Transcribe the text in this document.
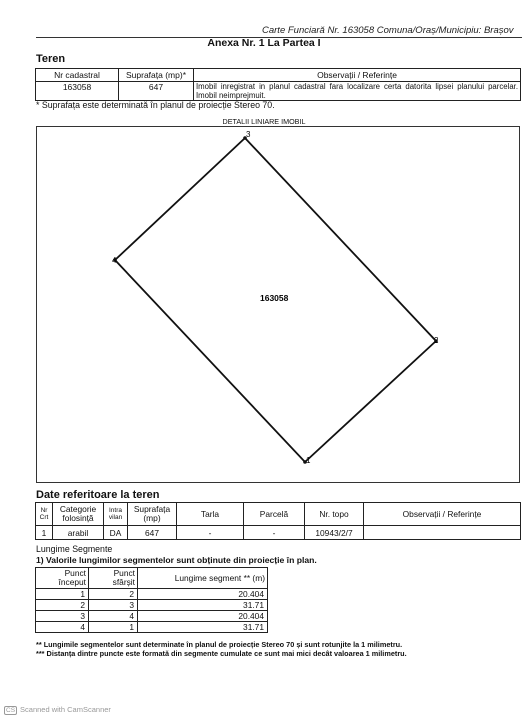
Carte Funciară Nr. 163058 Comuna/Oraș/Municipiu: Brașov
Anexa Nr. 1 La Partea I
Teren
Nr cadastral	Suprafața (mp)*	Observații / Referințe
163058	647	Imobil inregistrat in planul cadastral fara localizare certa datorita lipsei planului parcelar. Imobil neimprejmuit.
* Suprafața este determinată în planul de proiecție Stereo 70.
DETALII LINIARE IMOBIL
1
2
3
4
163058
Date referitoare la teren
Nr Crt	Categorie folosință	Intra vilan	Suprafața (mp)	Tarla	Parcelă	Nr. topo	Observații / Referințe
1	arabil	DA	647	-	-	10943/2/7	
Lungime Segmente
1) Valorile lungimilor segmentelor sunt obținute din proiecție în plan.
Punct început	Punct sfârșit	Lungime segment ** (m)
1	2	20.404
2	3	31.71
3	4	20.404
4	1	31.71
** Lungimile segmentelor sunt determinate în planul de proiecție Stereo 70 și sunt rotunjite la 1 milimetru.
*** Distanța dintre puncte este formată din segmente cumulate ce sunt mai mici decât valoarea 1 milimetru.
CS Scanned with CamScanner
